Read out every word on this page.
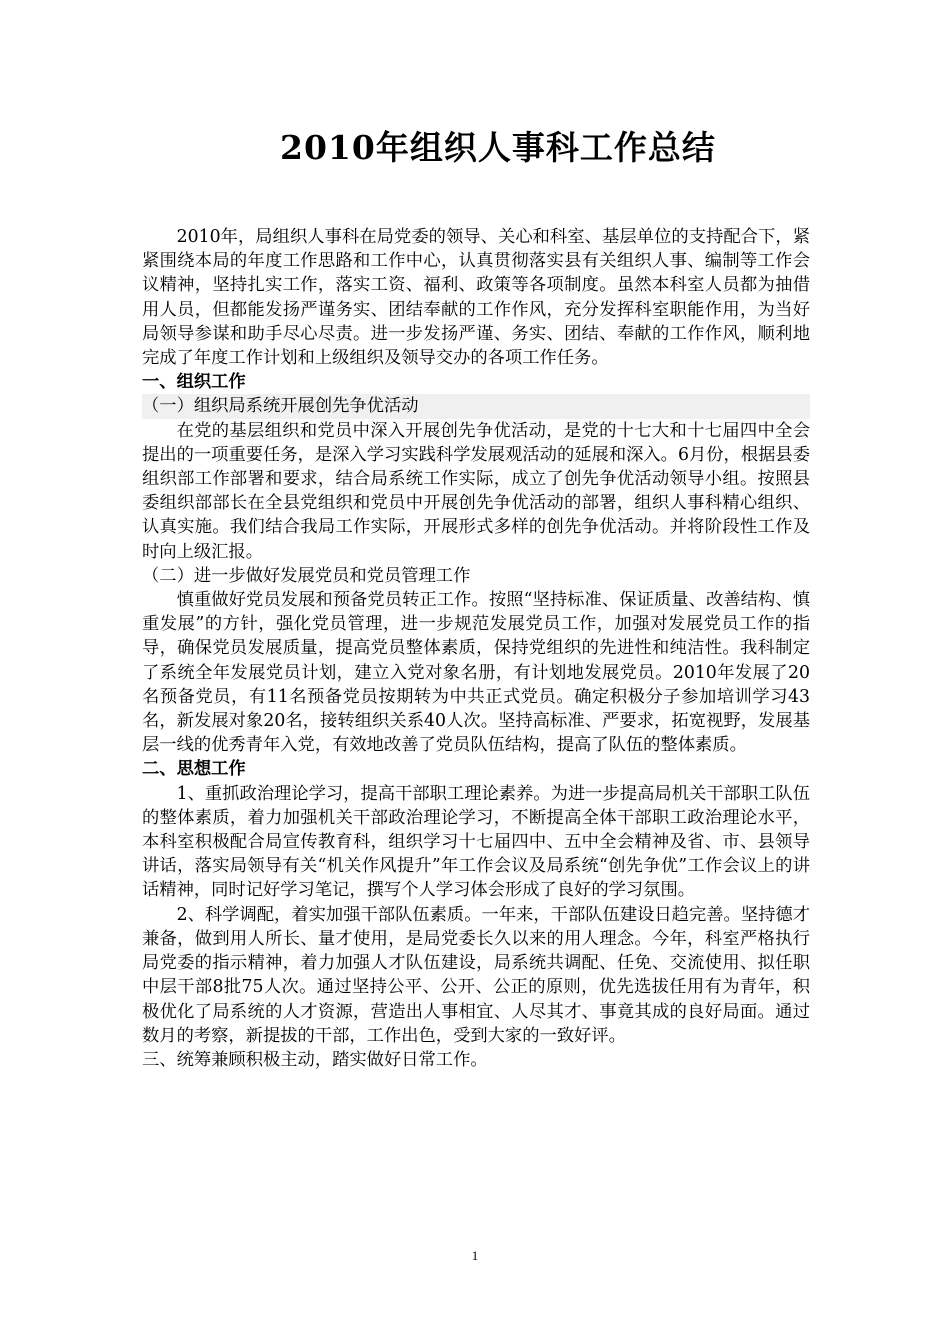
2010年组织人事科工作总结

2010年，局组织人事科在局党委的领导、关心和科室、基层单位的支持配合下，紧紧围绕本局的年度工作思路和工作中心，认真贯彻落实县有关组织人事、编制等工作会议精神，坚持扎实工作，落实工资、福利、政策等各项制度。虽然本科室人员都为抽借用人员，但都能发扬严谨务实、团结奉献的工作作风，充分发挥科室职能作用，为当好局领导参谋和助手尽心尽责。进一步发扬严谨、务实、团结、奉献的工作作风，顺利地完成了年度工作计划和上级组织及领导交办的各项工作任务。

一、组织工作

（一）组织局系统开展创先争优活动

在党的基层组织和党员中深入开展创先争优活动，是党的十七大和十七届四中全会提出的一项重要任务，是深入学习实践科学发展观活动的延展和深入。6月份，根据县委组织部工作部署和要求，结合局系统工作实际，成立了创先争优活动领导小组。按照县委组织部部长在全县党组织和党员中开展创先争优活动的部署，组织人事科精心组织、认真实施。我们结合我局工作实际，开展形式多样的创先争优活动。并将阶段性工作及时向上级汇报。

（二）进一步做好发展党员和党员管理工作

慎重做好党员发展和预备党员转正工作。按照“坚持标准、保证质量、改善结构、慎重发展”的方针，强化党员管理，进一步规范发展党员工作，加强对发展党员工作的指导，确保党员发展质量，提高党员整体素质，保持党组织的先进性和纯洁性。我科制定了系统全年发展党员计划，建立入党对象名册，有计划地发展党员。2010年发展了20名预备党员，有11名预备党员按期转为中共正式党员。确定积极分子参加培训学习43名，新发展对象20名，接转组织关系40人次。坚持高标准、严要求，拓宽视野，发展基层一线的优秀青年入党，有效地改善了党员队伍结构，提高了队伍的整体素质。

二、思想工作

1、重抓政治理论学习，提高干部职工理论素养。为进一步提高局机关干部职工队伍的整体素质，着力加强机关干部政治理论学习，不断提高全体干部职工政治理论水平，本科室积极配合局宣传教育科，组织学习十七届四中、五中全会精神及省、市、县领导讲话，落实局领导有关“机关作风提升”年工作会议及局系统“创先争优”工作会议上的讲话精神，同时记好学习笔记，撰写个人学习体会形成了良好的学习氛围。

2、科学调配，着实加强干部队伍素质。一年来，干部队伍建设日趋完善。坚持德才兼备，做到用人所长、量才使用，是局党委长久以来的用人理念。今年，科室严格执行局党委的指示精神，着力加强人才队伍建设，局系统共调配、任免、交流使用、拟任职中层干部8批75人次。通过坚持公平、公开、公正的原则，优先选拔任用有为青年，积极优化了局系统的人才资源，营造出人事相宜、人尽其才、事竟其成的良好局面。通过数月的考察，新提拔的干部，工作出色，受到大家的一致好评。

三、统筹兼顾积极主动，踏实做好日常工作。

1
